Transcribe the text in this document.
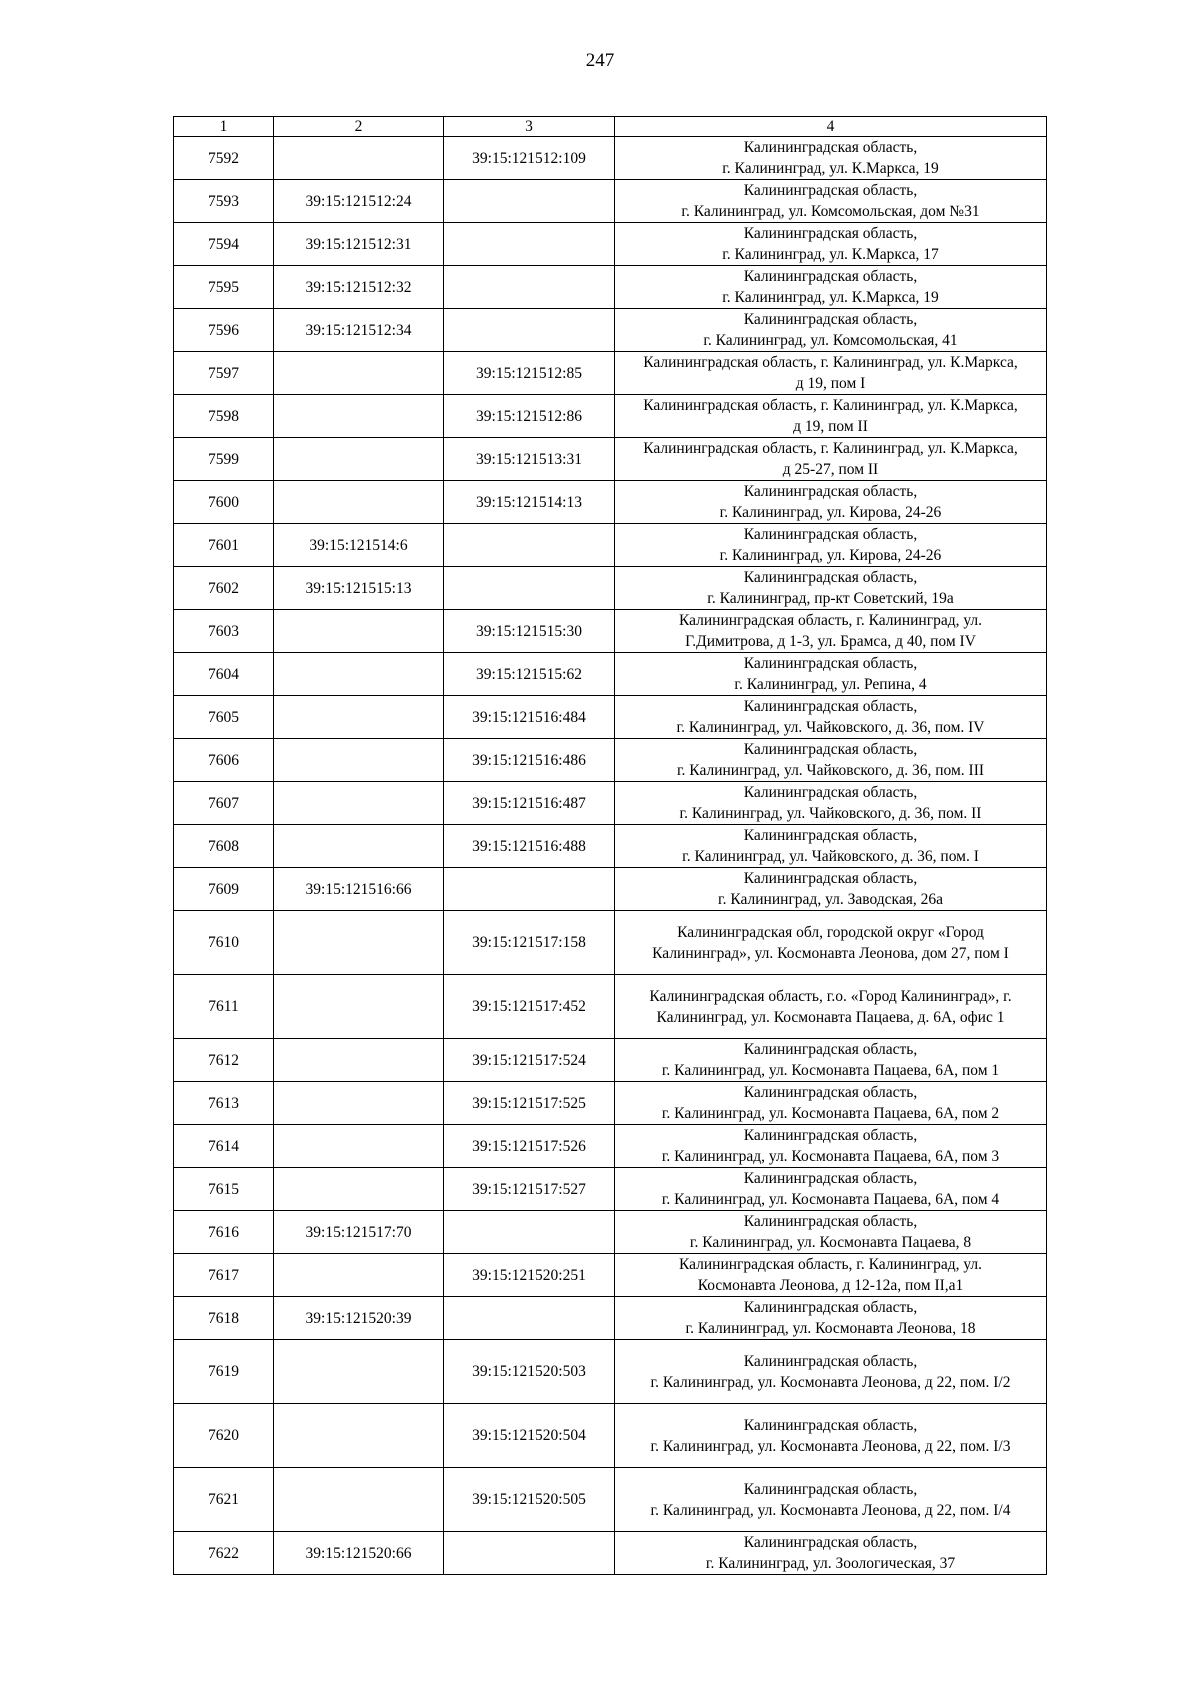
247
1	2	3	4
7592		39:15:121512:109	Калининградская область,
г. Калининград, ул. К.Маркса, 19

7593	39:15:121512:24		Калининградская область,
г. Калининград, ул. Комсомольская, дом №31

7594	39:15:121512:31		Калининградская область,
г. Калининград, ул. К.Маркса, 17

7595	39:15:121512:32		Калининградская область,
г. Калининград, ул. К.Маркса, 19

7596	39:15:121512:34		Калининградская область,
г. Калининград, ул. Комсомольская, 41

7597		39:15:121512:85	Калининградская область, г. Калининград, ул. К.Маркса,
д 19, пом I

7598		39:15:121512:86	Калининградская область, г. Калининград, ул. К.Маркса,
д 19, пом II

7599		39:15:121513:31	Калининградская область, г. Калининград, ул. К.Маркса,
д 25-27, пом II

7600		39:15:121514:13	Калининградская область,
г. Калининград, ул. Кирова, 24-26

7601	39:15:121514:6		Калининградская область,
г. Калининград, ул. Кирова, 24-26

7602	39:15:121515:13		Калининградская область,
г. Калининград, пр-кт Советский, 19а

7603		39:15:121515:30	Калининградская область, г. Калининград, ул.
Г.Димитрова, д 1-3, ул. Брамса, д 40, пом IV

7604		39:15:121515:62	Калининградская область,
г. Калининград, ул. Репина, 4

7605		39:15:121516:484	Калининградская область,
г. Калининград, ул. Чайковского, д. 36, пом. IV

7606		39:15:121516:486	Калининградская область,
г. Калининград, ул. Чайковского, д. 36, пом. III

7607		39:15:121516:487	Калининградская область,
г. Калининград, ул. Чайковского, д. 36, пом. II

7608		39:15:121516:488	Калининградская область,
г. Калининград, ул. Чайковского, д. 36, пом. I

7609	39:15:121516:66		Калининградская область,
г. Калининград, ул. Заводская, 26а

7610		39:15:121517:158	Калининградская обл, городской округ «Город
Калининград», ул. Космонавта Леонова, дом 27, пом I

7611		39:15:121517:452	Калининградская область, г.о. «Город Калининград», г.
Калининград, ул. Космонавта Пацаева, д. 6А, офис 1

7612		39:15:121517:524	Калининградская область,
г. Калининград, ул. Космонавта Пацаева, 6А, пом 1

7613		39:15:121517:525	Калининградская область,
г. Калининград, ул. Космонавта Пацаева, 6А, пом 2

7614		39:15:121517:526	Калининградская область,
г. Калининград, ул. Космонавта Пацаева, 6А, пом 3

7615		39:15:121517:527	Калининградская область,
г. Калининград, ул. Космонавта Пацаева, 6А, пом 4

7616	39:15:121517:70		Калининградская область,
г. Калининград, ул. Космонавта Пацаева, 8

7617		39:15:121520:251	Калининградская область, г. Калининград, ул.
Космонавта Леонова, д 12-12а, пом II,а1

7618	39:15:121520:39		Калининградская область,
г. Калининград, ул. Космонавта Леонова, 18

7619		39:15:121520:503	Калининградская область,
г. Калининград, ул. Космонавта Леонова, д 22, пом. I/2

7620		39:15:121520:504	Калининградская область,
г. Калининград, ул. Космонавта Леонова, д 22, пом. I/3

7621		39:15:121520:505	Калининградская область,
г. Калининград, ул. Космонавта Леонова, д 22, пом. I/4

7622	39:15:121520:66		Калининградская область,
г. Калининград, ул. Зоологическая, 37
